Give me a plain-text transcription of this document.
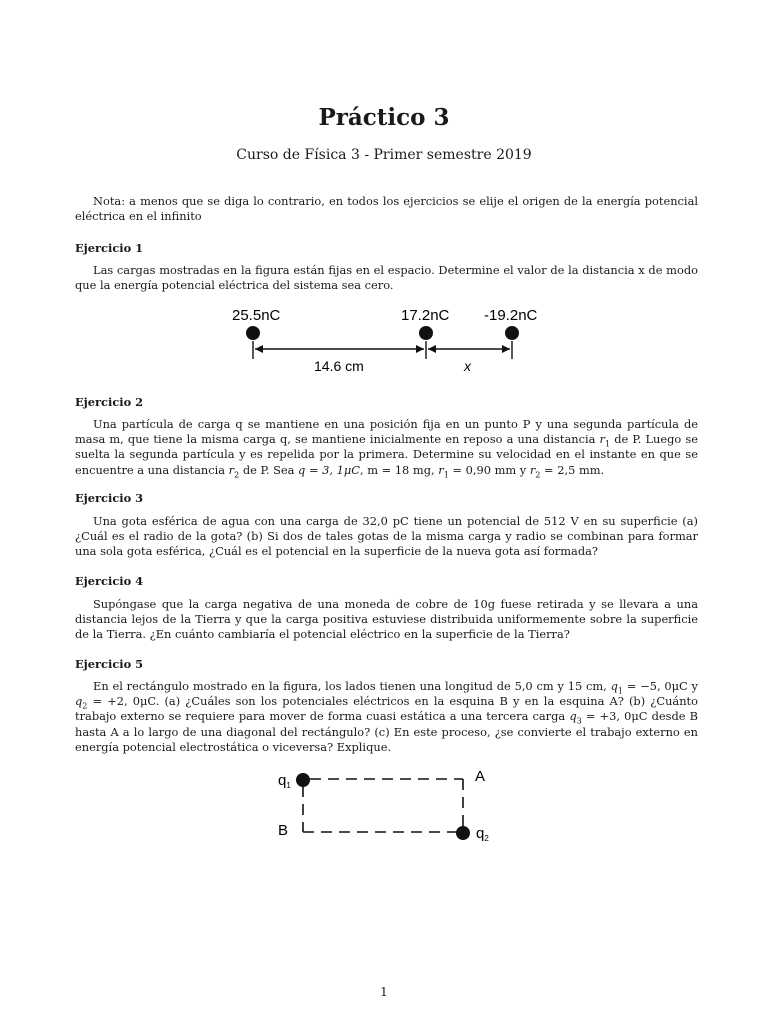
Práctico 3
Curso de Física 3 - Primer semestre 2019
Nota: a menos que se diga lo contrario, en todos los ejercicios se elije el origen de la energía potencial eléctrica en el infinito
Ejercicio 1
Las cargas mostradas en la figura están fijas en el espacio. Determine el valor de la distancia x de modo que la energía potencial eléctrica del sistema sea cero.
25.5nC	17.2nC -19.2nC
14.6 cm	x
Ejercicio 2
Una partícula de carga q se mantiene en una posición fija en un punto P y una segunda partícula de masa m, que tiene la misma carga q, se mantiene inicialmente en reposo a una distancia $r_1$ de P. Luego se suelta la segunda partícula y es repelida por la primera. Determine su velocidad en el instante en que se encuentre a una distancia $r_2$ de P. Sea q = 3, 1μC, m = 18 mg, $r_1 = 0,90$ mm y $r_2 = 2,5$ mm.
Ejercicio 3
Una gota esférica de agua con una carga de 32,0 pC tiene un potencial de 512 V en su superficie (a) ¿Cuál es el radio de la gota? (b) Si dos de tales gotas de la misma carga y radio se combinan para formar una sola gota esférica, ¿Cuál es el potencial en la superficie de la nueva gota así formada?
Ejercicio 4
Supóngase que la carga negativa de una moneda de cobre de 10g fuese retirada y se llevara a una distancia lejos de la Tierra y que la carga positiva estuviese distribuida uniformemente sobre la superficie de la Tierra. ¿En cuánto cambiaría el potencial eléctrico en la superficie de la Tierra?
Ejercicio 5
En el rectángulo mostrado en la figura, los lados tienen una longitud de 5,0 cm y 15 cm, $q_1 = -5$, 0μC y $q_2 = +2$, 0μC. (a) ¿Cuáles son los potenciales eléctricos en la esquina B y en la esquina A? (b) ¿Cuánto trabajo externo se requiere para mover de forma cuasi estática a una tercera carga $q_3 = +3$, 0μC desde B hasta A a lo largo de una diagonal del rectángulo? (c) En este proceso, ¿se convierte el trabajo externo en energía potencial electrostática o viceversa? Explique.
$q_1$
$q_2$
A
B
1
